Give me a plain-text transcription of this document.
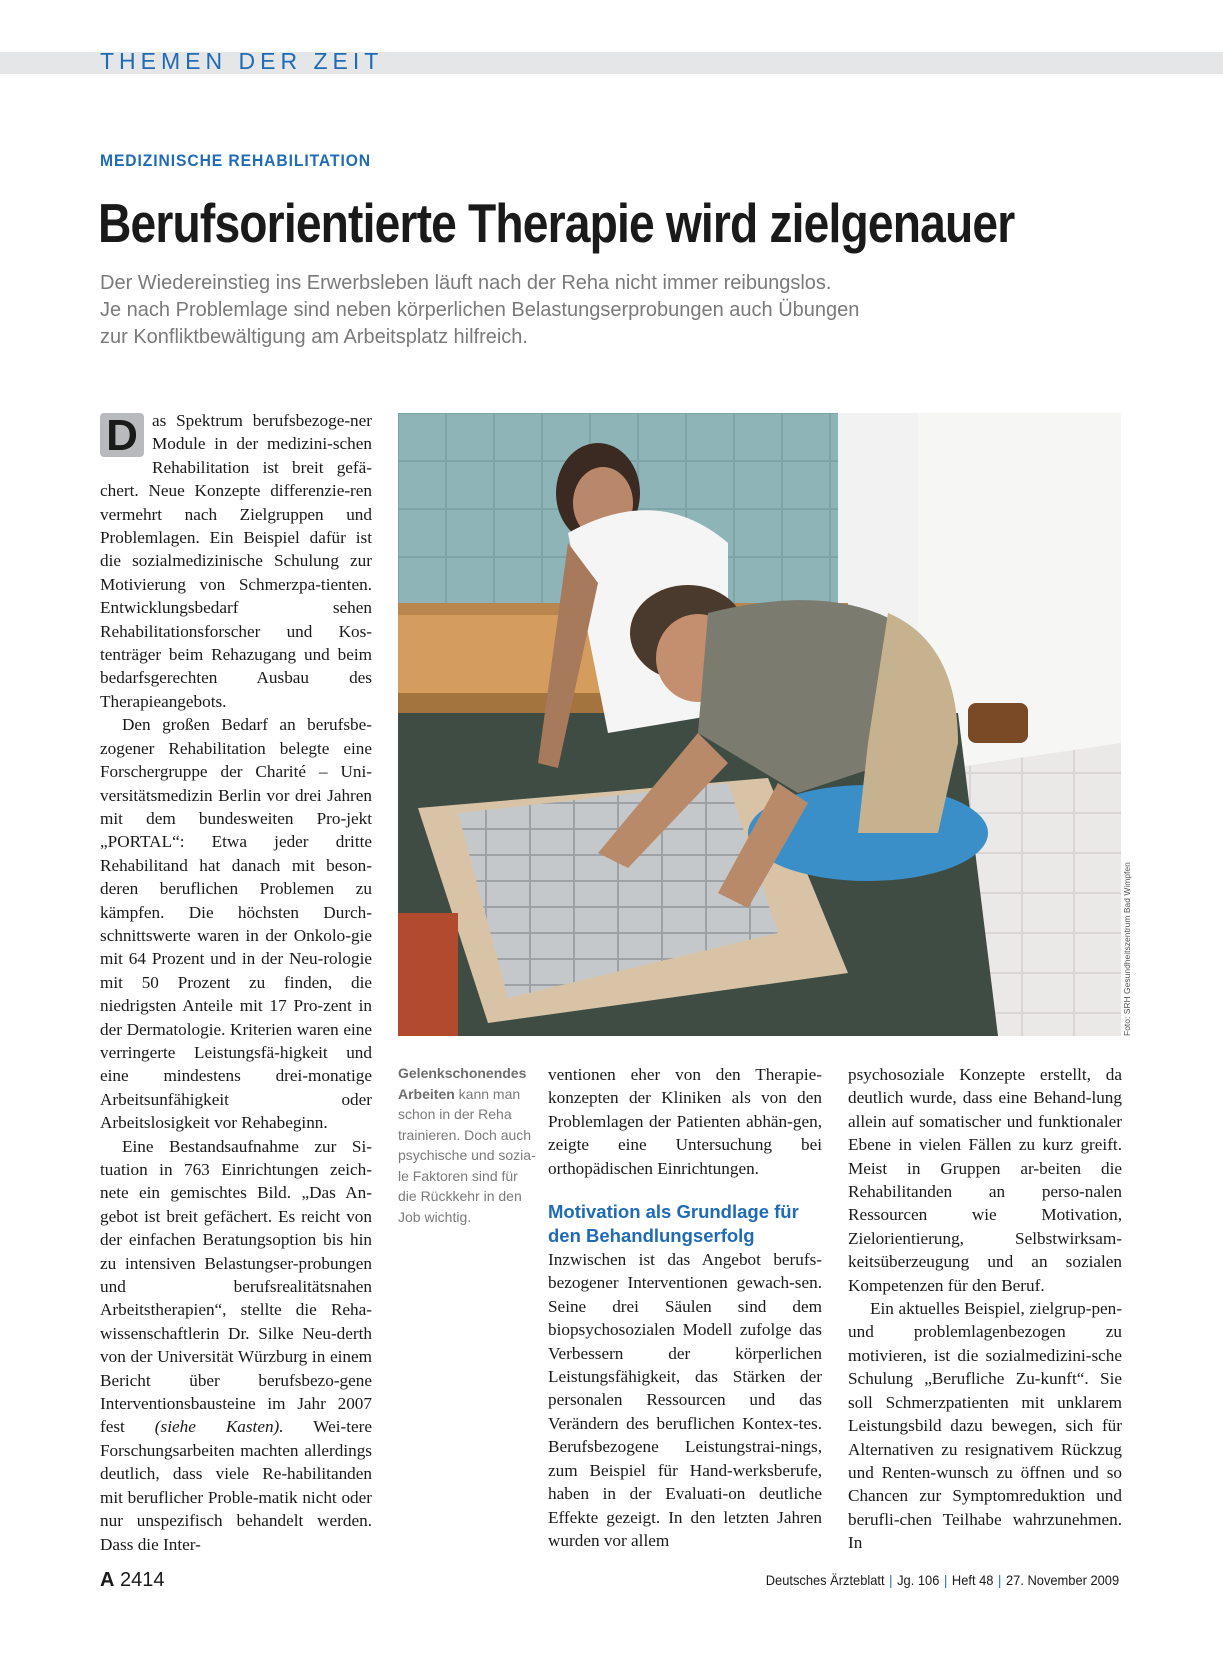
THEMEN DER ZEIT
MEDIZINISCHE REHABILITATION
Berufsorientierte Therapie wird zielgenauer
Der Wiedereinstieg ins Erwerbsleben läuft nach der Reha nicht immer reibungslos.
Je nach Problemlage sind neben körperlichen Belastungserprobungen auch Übungen
zur Konfliktbewältigung am Arbeitsplatz hilfreich.

D as Spektrum berufsbezoge-ner Module in der medizini-schen Rehabilitation ist breit gefä-chert. Neue Konzepte differenzie-ren vermehrt nach Zielgruppen und Problemlagen. Ein Beispiel dafür ist die sozialmedizinische Schulung zur Motivierung von Schmerzpa-tienten. Entwicklungsbedarf sehen Rehabilitationsforscher und Kos-tenträger beim Rehazugang und beim bedarfsgerechten Ausbau des Therapieangebots.

Den großen Bedarf an berufsbe-zogener Rehabilitation belegte eine Forschergruppe der Charité – Uni-versitätsmedizin Berlin vor drei Jahren mit dem bundesweiten Pro-jekt „PORTAL“: Etwa jeder dritte Rehabilitand hat danach mit beson-deren beruflichen Problemen zu kämpfen. Die höchsten Durch-schnittswerte waren in der Onkolo-gie mit 64 Prozent und in der Neu-rologie mit 50 Prozent zu finden, die niedrigsten Anteile mit 17 Pro-zent in der Dermatologie. Kriterien waren eine verringerte Leistungsfä-higkeit und eine mindestens drei-monatige Arbeitsunfähigkeit oder Arbeitslosigkeit vor Rehabeginn.

Eine Bestandsaufnahme zur Si-tuation in 763 Einrichtungen zeich-nete ein gemischtes Bild. „Das An-gebot ist breit gefächert. Es reicht von der einfachen Beratungsoption bis hin zu intensiven Belastungser-probungen und berufsrealitätsnahen Arbeitstherapien“, stellte die Reha-wissenschaftlerin Dr. Silke Neu-derth von der Universität Würzburg in einem Bericht über berufsbezo-gene Interventionsbausteine im Jahr 2007 fest (siehe Kasten). Wei-tere Forschungsarbeiten machten allerdings deutlich, dass viele Re-habilitanden mit beruflicher Proble-matik nicht oder nur unspezifisch behandelt werden. Dass die Inter-

Foto: SRH Gesundheitszentrum Bad Wimpfen
Gelenkschonendes Arbeiten kann man schon in der Reha trainieren. Doch auch psychische und sozia-le Faktoren sind für die Rückkehr in den Job wichtig.

ventionen eher von den Therapie-konzepten der Kliniken als von den Problemlagen der Patienten abhän-gen, zeigte eine Untersuchung bei orthopädischen Einrichtungen.

Motivation als Grundlage für den Behandlungserfolg

Inzwischen ist das Angebot berufs-bezogener Interventionen gewach-sen. Seine drei Säulen sind dem biopsychosozialen Modell zufolge das Verbessern der körperlichen Leistungsfähigkeit, das Stärken der personalen Ressourcen und das Verändern des beruflichen Kontex-tes. Berufsbezogene Leistungstrai-nings, zum Beispiel für Hand-werksberufe, haben in der Evaluati-on deutliche Effekte gezeigt. In den letzten Jahren wurden vor allem

psychosoziale Konzepte erstellt, da deutlich wurde, dass eine Behand-lung allein auf somatischer und funktionaler Ebene in vielen Fällen zu kurz greift. Meist in Gruppen ar-beiten die Rehabilitanden an perso-nalen Ressourcen wie Motivation, Zielorientierung, Selbstwirksam-keitsüberzeugung und an sozialen Kompetenzen für den Beruf.

Ein aktuelles Beispiel, zielgrup-pen- und problemlagenbezogen zu motivieren, ist die sozialmedizini-sche Schulung „Berufliche Zu-kunft“. Sie soll Schmerzpatienten mit unklarem Leistungsbild dazu bewegen, sich für Alternativen zu resignativem Rückzug und Renten-wunsch zu öffnen und so Chancen zur Symptomreduktion und berufli-chen Teilhabe wahrzunehmen. In

A 2414	Deutsches Ärzteblatt | Jg. 106 | Heft 48 | 27. November 2009
